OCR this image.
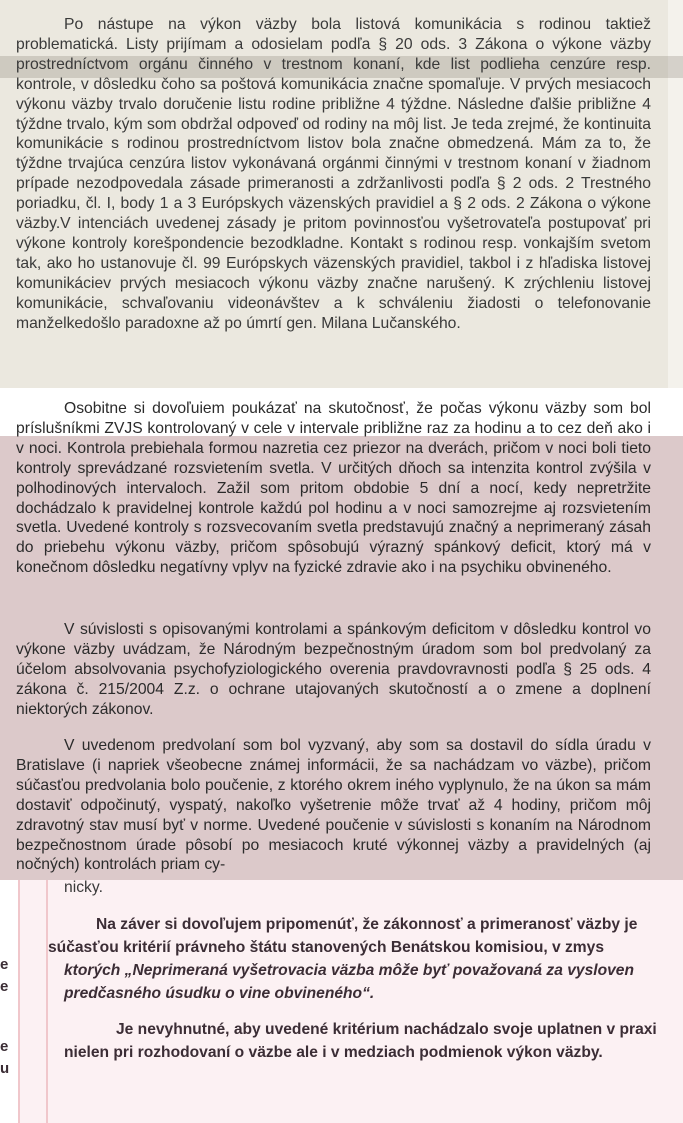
Po nástupe na výkon väzby bola listová komunikácia s rodinou taktiež problematická. Listy prijímam a odosielam podľa § 20 ods. 3 Zákona o výkone väzby prostredníctvom orgánu činného v trestnom konaní, kde list podlieha cenzúre resp. kontrole, v dôsledku čoho sa poštová komunikácia značne spomaľuje. V prvých mesiacoch výkonu väzby trvalo doručenie listu rodine približne 4 týždne. Následne ďalšie približne 4 týždne trvalo, kým som obdržal odpoveď od rodiny na môj list. Je teda zrejmé, že kontinuita komunikácie s rodinou prostredníctvom listov bola značne obmedzená. Mám za to, že týždne trvajúca cenzúra listov vykonávaná orgánmi činnými v trestnom konaní v žiadnom prípade nezodpovedala zásade primeranosti a zdržanlivosti podľa § 2 ods. 2 Trestného poriadku, čl. I, body 1 a 3 Európskych väzenských pravidiel a § 2 ods. 2 Zákona o výkone väzby.V intenciách uvedenej zásady je pritom povinnosťou vyšetrovateľa postupovať pri výkone kontroly korešpondencie bezodkladne. Kontakt s rodinou resp. vonkajším svetom tak, ako ho ustanovuje čl. 99 Európskych väzenských pravidiel, takbol i z hľadiska listovej komunikáciev prvých mesiacoch výkonu väzby značne narušený. K zrýchleniu listovej komunikácie, schvaľovaniu videonávštev a k schváleniu žiadosti o telefonovanie manželkedošlo paradoxne až po úmrtí gen. Milana Lučanského.

Osobitne si dovoľuiem poukázať na skutočnosť, že počas výkonu väzby som bol príslušníkmi ZVJS kontrolovaný v cele v intervale približne raz za hodinu a to cez deň ako i v noci. Kontrola prebiehala formou nazretia cez priezor na dverách, pričom v noci boli tieto kontroly sprevádzané rozsvietením svetla. V určitých dňoch sa intenzita kontrol zvýšila v polhodinových intervaloch. Zažil som pritom obdobie 5 dní a nocí, kedy nepretržite dochádzalo k pravidelnej kontrole každú pol hodinu a v noci samozrejme aj rozsvietením svetla. Uvedené kontroly s rozsvecovaním svetla predstavujú značný a neprimeraný zásah do priebehu výkonu väzby, pričom spôsobujú výrazný spánkový deficit, ktorý má v konečnom dôsledku negatívny vplyv na fyzické zdravie ako i na psychiku obvineného.

V súvislosti s opisovanými kontrolami a spánkovým deficitom v dôsledku kontrol vo výkone väzby uvádzam, že Národným bezpečnostným úradom som bol predvolaný za účelom absolvovania psychofyziologického overenia pravdovravnosti podľa § 25 ods. 4 zákona č. 215/2004 Z.z. o ochrane utajovaných skutočností a o zmene a doplnení niektorých zákonov.

V uvedenom predvolaní som bol vyzvaný, aby som sa dostavil do sídla úradu v Bratislave (i napriek všeobecne známej informácii, že sa nachádzam vo väzbe), pričom súčasťou predvolania bolo poučenie, z ktorého okrem iného vyplynulo, že na úkon sa mám dostaviť odpočinutý, vyspatý, nakoľko vyšetrenie môže trvať až 4 hodiny, pričom môj zdravotný stav musí byť v norme. Uvedené poučenie v súvislosti s konaním na Národnom bezpečnostnom úrade pôsobí po mesiacoch kruté výkonnej väzby a pravidelných (aj nočných) kontrolách priam cy-

nicky.

Na záver si dovoľujem pripomenúť, že zákonnosť a primeranosť väzby je súčasťou kritérií právneho štátu stanovených Benátskou komisiou, v zmys

ktorých „Neprimeraná vyšetrovacia väzba môže byť považovaná za vysloven predčasného úsudku o vine obvineného“.

Je nevyhnutné, aby uvedené kritérium nachádzalo svoje uplatnen v praxi nielen pri rozhodovaní o väzbe ale i v medziach podmienok výkon väzby.

e
e
e
u
